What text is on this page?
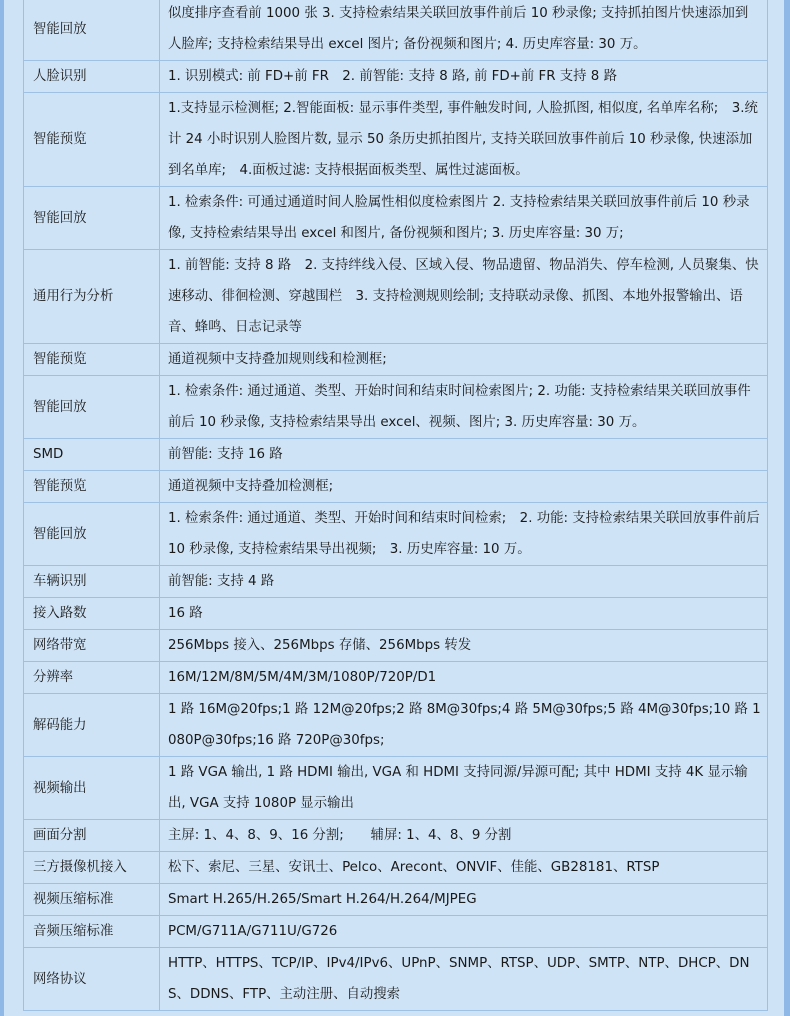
智能回放	似度排序查看前 1000 张 3. 支持检索结果关联回放事件前后 10 秒录像; 支持抓拍图片快速添加到人脸库; 支持检索结果导出 excel 图片; 备份视频和图片; 4. 历史库容量: 30 万。
人脸识别	1. 识别模式: 前 FD+前 FR　2. 前智能: 支持 8 路, 前 FD+前 FR 支持 8 路
智能预览	1.支持显示检测框; 2.智能面板: 显示事件类型, 事件触发时间, 人脸抓图, 相似度, 名单库名称;　3.统计 24 小时识别人脸图片数, 显示 50 条历史抓拍图片, 支持关联回放事件前后 10 秒录像, 快速添加到名单库;　4.面板过滤: 支持根据面板类型、属性过滤面板。
智能回放	1. 检索条件: 可通过通道时间人脸属性相似度检索图片 2. 支持检索结果关联回放事件前后 10 秒录像, 支持检索结果导出 excel 和图片, 备份视频和图片; 3. 历史库容量: 30 万;
通用行为分析	1. 前智能: 支持 8 路　2. 支持绊线入侵、区域入侵、物品遗留、物品消失、停车检测, 人员聚集、快速移动、徘徊检测、穿越围栏　3. 支持检测规则绘制; 支持联动录像、抓图、本地外报警输出、语音、蜂鸣、日志记录等
智能预览	通道视频中支持叠加规则线和检测框;
智能回放	1. 检索条件: 通过通道、类型、开始时间和结束时间检索图片; 2. 功能: 支持检索结果关联回放事件前后 10 秒录像, 支持检索结果导出 excel、视频、图片; 3. 历史库容量: 30 万。
SMD	前智能: 支持 16 路
智能预览	通道视频中支持叠加检测框;
智能回放	1. 检索条件: 通过通道、类型、开始时间和结束时间检索;　2. 功能: 支持检索结果关联回放事件前后 10 秒录像, 支持检索结果导出视频;　3. 历史库容量: 10 万。
车辆识别	前智能: 支持 4 路
接入路数	16 路
网络带宽	256Mbps 接入、256Mbps 存储、256Mbps 转发
分辨率	16M/12M/8M/5M/4M/3M/1080P/720P/D1
解码能力	1 路 16M@20fps;1 路 12M@20fps;2 路 8M@30fps;4 路 5M@30fps;5 路 4M@30fps;10 路 1080P@30fps;16 路 720P@30fps;
视频输出	1 路 VGA 输出, 1 路 HDMI 输出, VGA 和 HDMI 支持同源/异源可配; 其中 HDMI 支持 4K 显示输出, VGA 支持 1080P 显示输出
画面分割	主屏: 1、4、8、9、16 分割;　　辅屏: 1、4、8、9 分割
三方摄像机接入	松下、索尼、三星、安讯士、Pelco、Arecont、ONVIF、佳能、GB28181、RTSP
视频压缩标准	Smart H.265/H.265/Smart H.264/H.264/MJPEG
音频压缩标准	PCM/G711A/G711U/G726
网络协议	HTTP、HTTPS、TCP/IP、IPv4/IPv6、UPnP、SNMP、RTSP、UDP、SMTP、NTP、DHCP、DNS、DDNS、FTP、主动注册、自动搜索
